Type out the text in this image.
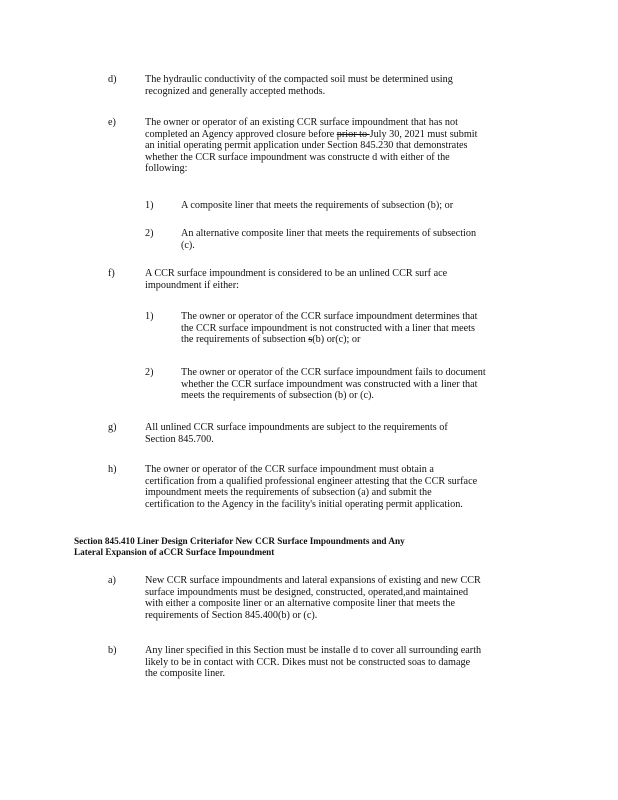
d)	The hydraulic conductivity of the compacted soil must be determined using

recognized and generally accepted methods.

e)	The owner or operator of an existing CCR surface impoundment that has not

completed an Agency approved closure before prior to July 30, 2021 must submit

an initial operating permit application under Section 845.230 that demonstrates

whether the CCR surface impoundment was constructe d with either of the

following:

1)	A composite liner that meets the requirements of subsection (b); or

2)	An alternative composite liner that meets the requirements of subsection

(c).

f)	A CCR surface impoundment is considered to be an unlined CCR surf ace

impoundment if either:

1)	The owner or operator of the CCR surface impoundment determines that

the CCR surface impoundment is not constructed with a liner that meets

the requirements of subsection s(b) or(c); or

2)	The owner or operator of the CCR surface impoundment fails to document

whether the CCR surface impoundment was constructed with a liner that

meets the requirements of subsection (b) or (c).

g)	All unlined CCR surface impoundments are subject to the requirements of

Section 845.700.

h)	The owner or operator of the CCR surface impoundment must obtain a

certification from a qualified professional engineer attesting that the CCR surface

impoundment meets the requirements of subsection (a) and submit the

certification to the Agency in the facility's initial operating permit application.

Section 845.410 Liner Design Criteriafor New CCR Surface Impoundments and Any

Lateral Expansion of aCCR Surface Impoundment

a)	New CCR surface impoundments and lateral expansions of existing and new CCR

surface impoundments must be designed, constructed, operated,and maintained

with either a composite liner or an alternative composite liner that meets the

requirements of Section 845.400(b) or (c).

b)	Any liner specified in this Section must be installe d to cover all surrounding earth

likely to be in contact with CCR. Dikes must not be constructed soas to damage

the composite liner.
